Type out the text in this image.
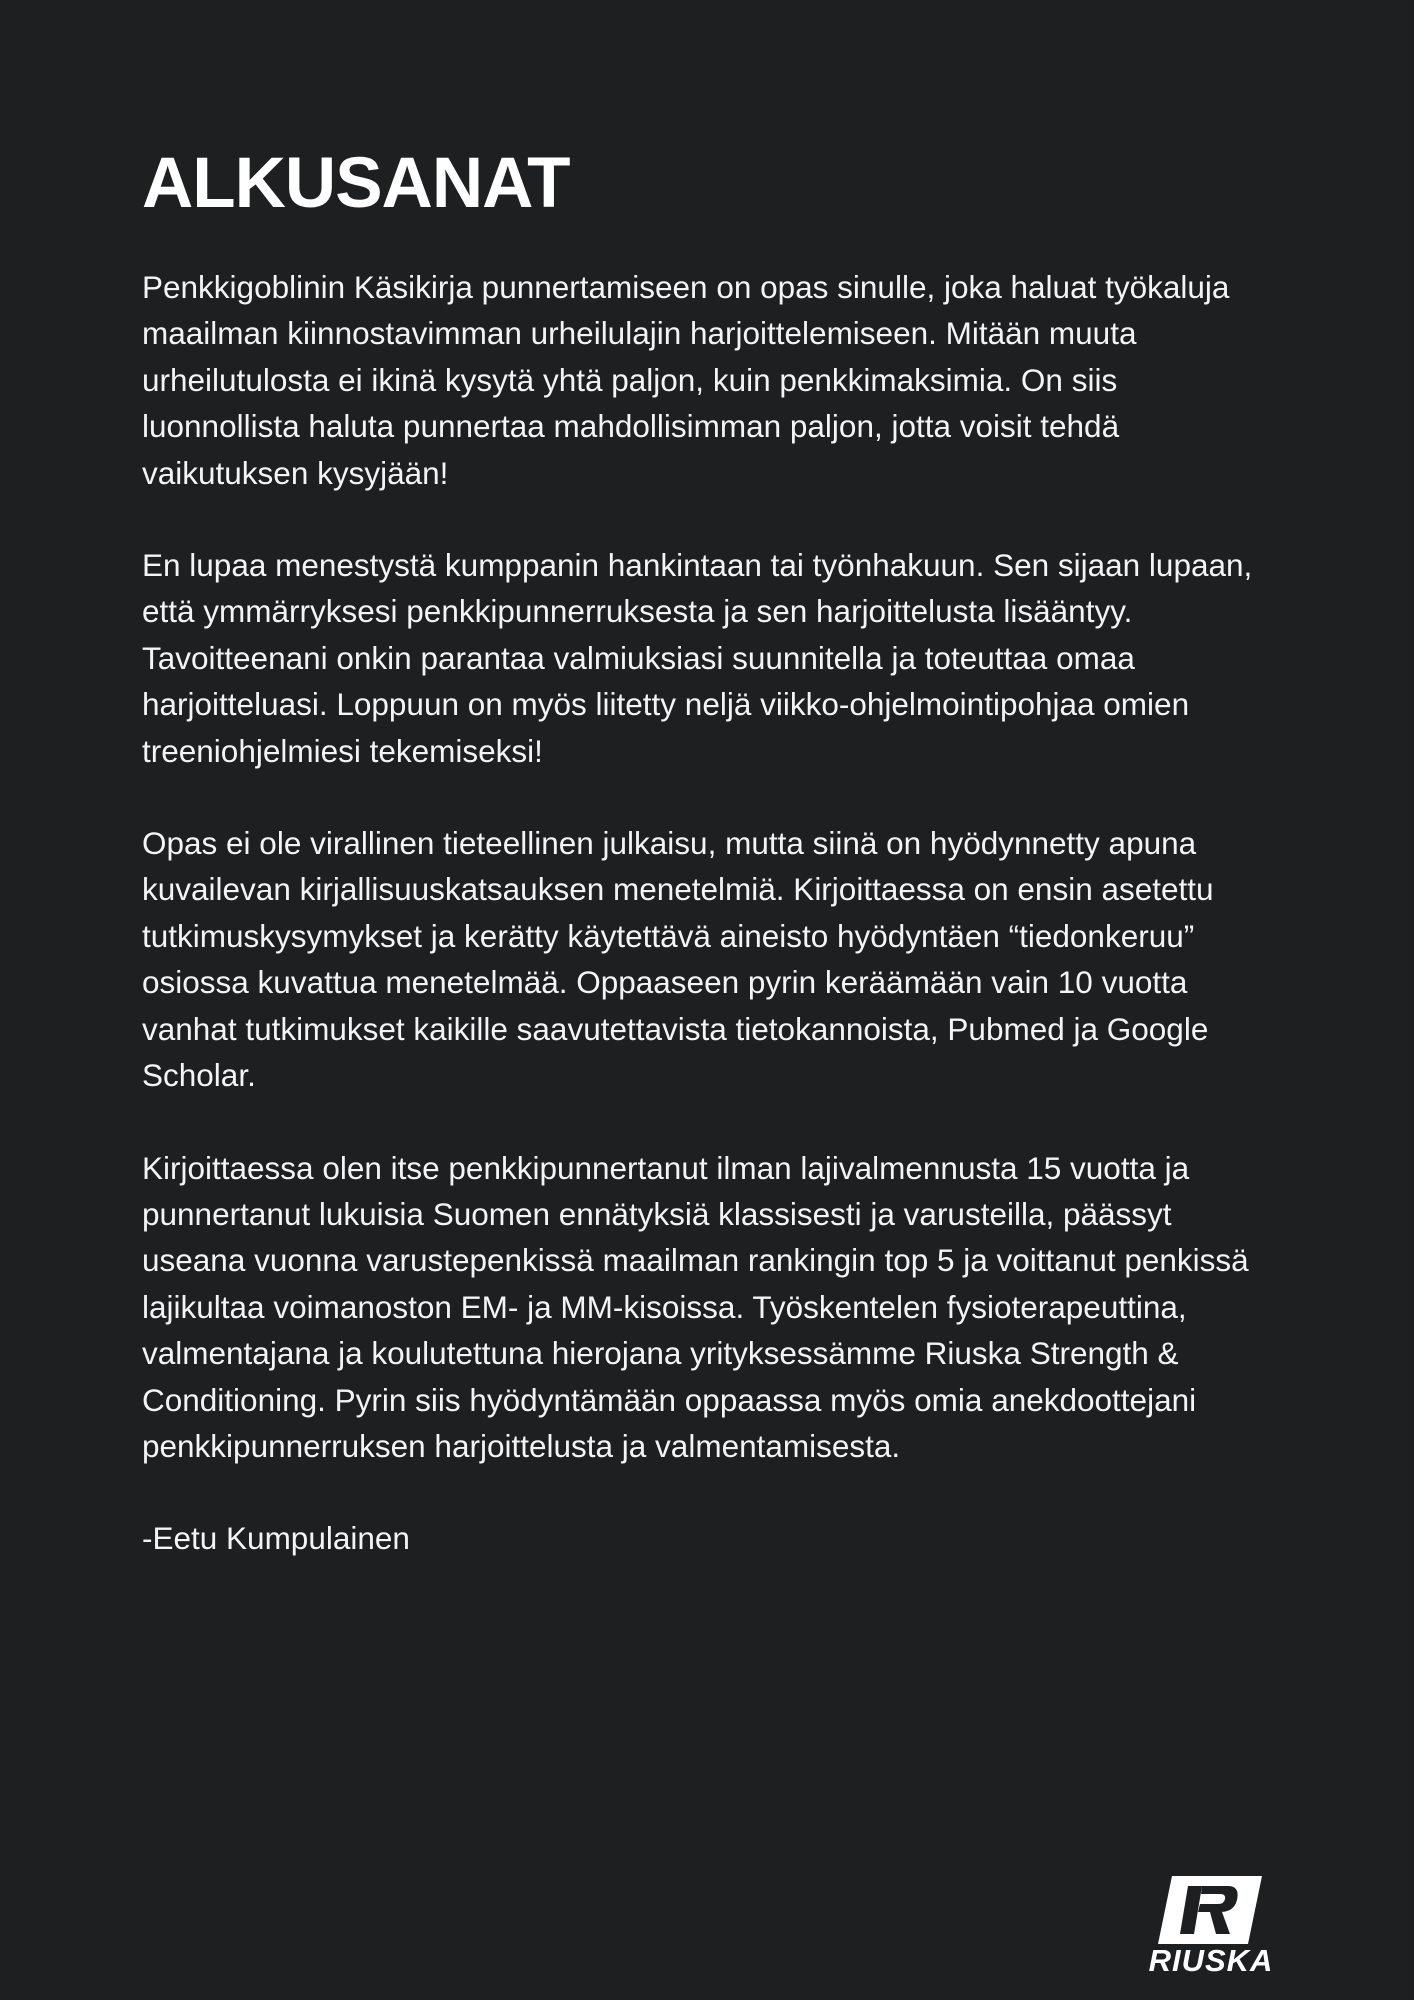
ALKUSANAT

Penkkigoblinin Käsikirja punnertamiseen on opas sinulle, joka haluat työkaluja maailman kiinnostavimman urheilulajin harjoittelemiseen. Mitään muuta urheilutulosta ei ikinä kysytä yhtä paljon, kuin penkkimaksimia. On siis luonnollista haluta punnertaa mahdollisimman paljon, jotta voisit tehdä vaikutuksen kysyjään!

En lupaa menestystä kumppanin hankintaan tai työnhakuun. Sen sijaan lupaan, että ymmärryksesi penkkipunnerruksesta ja sen harjoittelusta lisääntyy. Tavoitteenani onkin parantaa valmiuksiasi suunnitella ja toteuttaa omaa harjoitteluasi. Loppuun on myös liitetty neljä viikko-ohjelmointipohjaa omien treeniohjelmiesi tekemiseksi!

Opas ei ole virallinen tieteellinen julkaisu, mutta siinä on hyödynnetty apuna kuvailevan kirjallisuuskatsauksen menetelmiä. Kirjoittaessa on ensin asetettu tutkimuskysymykset ja kerätty käytettävä aineisto hyödyntäen “tiedonkeruu” osiossa kuvattua menetelmää. Oppaaseen pyrin keräämään vain 10 vuotta vanhat tutkimukset kaikille saavutettavista tietokannoista, Pubmed ja Google Scholar.

Kirjoittaessa olen itse penkkipunnertanut ilman lajivalmennusta 15 vuotta ja punnertanut lukuisia Suomen ennätyksiä klassisesti ja varusteilla, päässyt useana vuonna varustepenkissä maailman rankingin top 5 ja voittanut penkissä lajikultaa voimanoston EM- ja MM-kisoissa. Työskentelen fysioterapeuttina, valmentajana ja koulutettuna hierojana yrityksessämme Riuska Strength & Conditioning. Pyrin siis hyödyntämään oppaassa myös omia anekdoottejani penkkipunnerruksen harjoittelusta ja valmentamisesta.

-Eetu Kumpulainen

RIUSKA
